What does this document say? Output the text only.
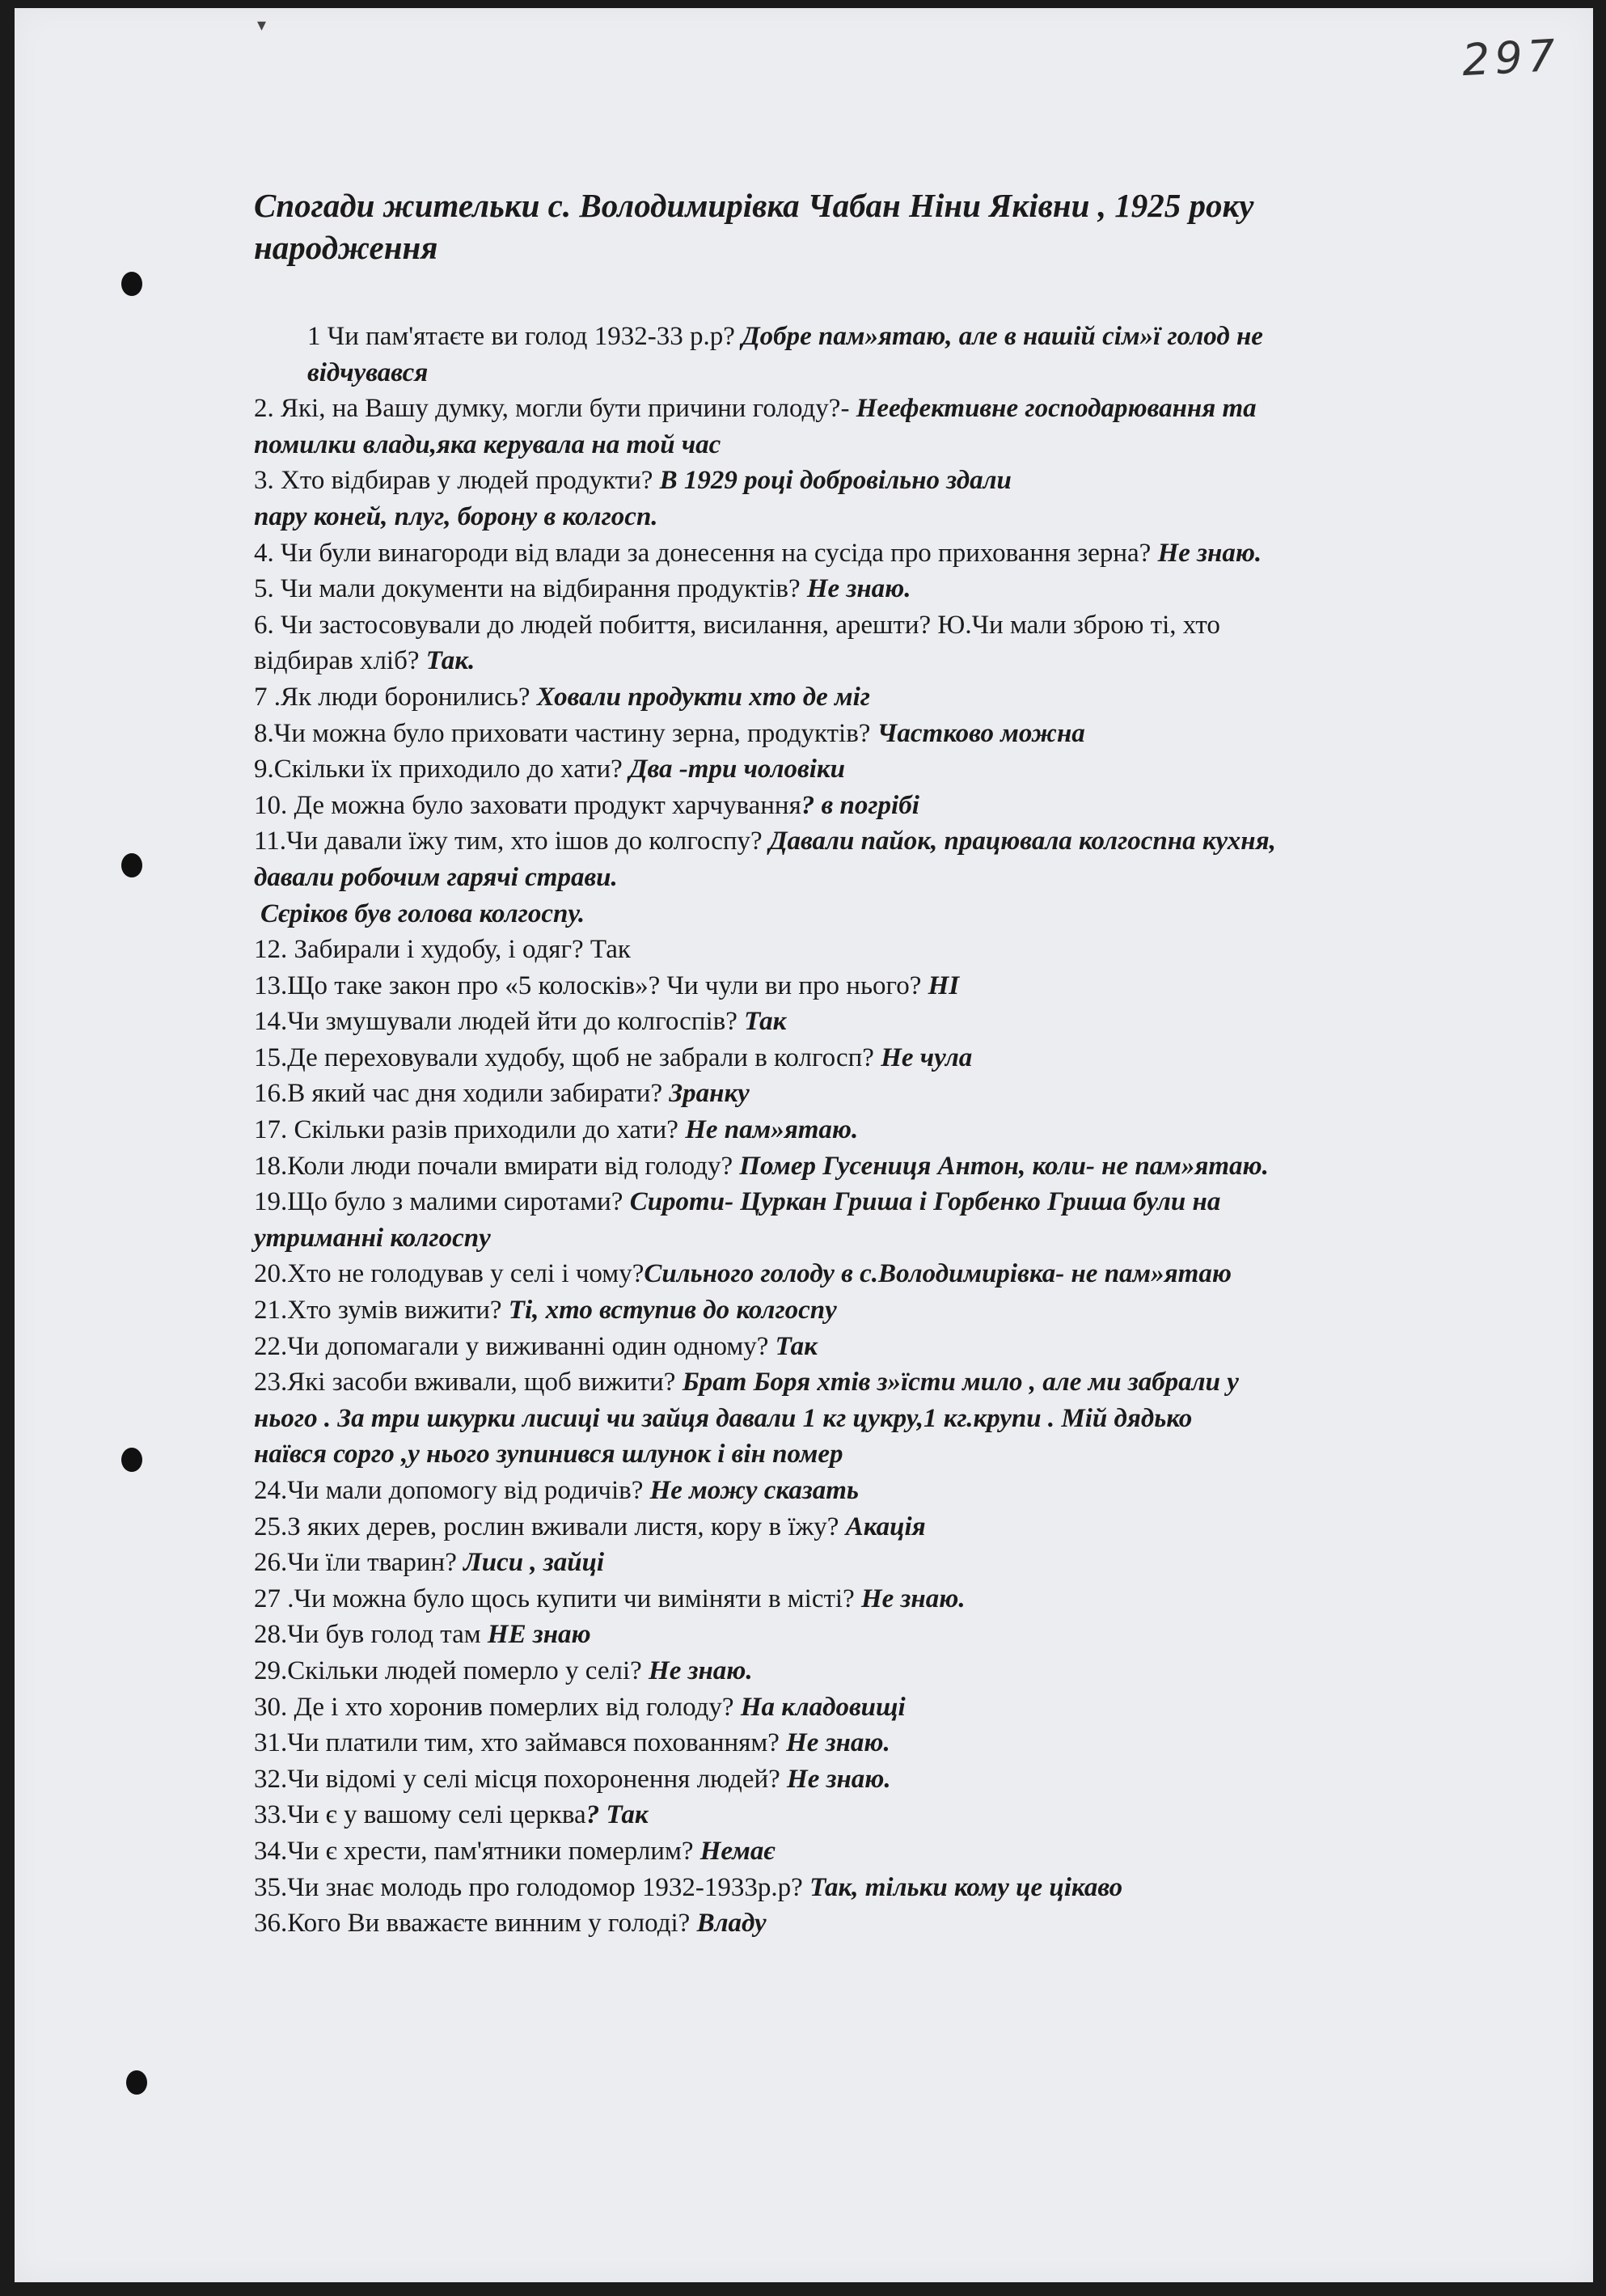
▾
297
Спогади жительки с. Володимирівка Чабан Ніни Яківни , 1925 року
народження
1 Чи пам'ятаєте ви голод 1932-33 р.р? Добре пам»ятаю, але в нашій сім»ї голод не
відчувався
2. Які, на Вашу думку, могли бути причини голоду?- Неефективне господарювання та
помилки влади,яка керувала на той час
3. Хто відбирав у людей продукти? В 1929 році добровільно здали
пару коней, плуг, борону в колгосп.
4. Чи були винагороди від влади за донесення на сусіда про приховання зерна? Не знаю.
5. Чи мали документи на відбирання продуктів? Не знаю.
6. Чи застосовували до людей побиття, висилання, арешти? Ю.Чи мали зброю ті, хто
відбирав хліб? Так.
7 .Як люди боронились? Ховали продукти хто де міг
8.Чи можна було приховати частину зерна, продуктів? Частково можна
9.Скільки їх приходило до хати? Два -три чоловіки
10. Де можна було заховати продукт харчування? в погрібі
11.Чи давали їжу тим, хто ішов до колгоспу? Давали пайок, працювала колгоспна кухня,
давали робочим гарячі страви.
Сєріков був голова колгоспу.
12. Забирали і худобу, і одяг? Так
13.Що таке закон про «5 колосків»? Чи чули ви про нього? НІ
14.Чи змушували людей йти до колгоспів? Так
15.Де переховували худобу, щоб не забрали в колгосп? Не чула
16.В який час дня ходили забирати? Зранку
17. Скільки разів приходили до хати? Не пам»ятаю.
18.Коли люди почали вмирати від голоду? Помер Гусениця Антон, коли- не пам»ятаю.
19.Що було з малими сиротами? Сироти- Цуркан Гриша і Горбенко Гриша були на
утриманні колгоспу
20.Хто не голодував у селі і чому?Сильного голоду в с.Володимирівка- не пам»ятаю
21.Хто зумів вижити? Ті, хто вступив до колгоспу
22.Чи допомагали у виживанні один одному? Так
23.Які засоби вживали, щоб вижити? Брат Боря хтів з»їсти мило , але ми забрали у
нього . За три шкурки лисиці чи зайця давали 1 кг цукру,1 кг.крупи . Мій дядько
наївся сорго ,у нього зупинився шлунок і він помер
24.Чи мали допомогу від родичів? Не можу сказать
25.З яких дерев, рослин вживали листя, кору в їжу? Акація
26.Чи їли тварин? Лиси , зайці
27 .Чи можна було щось купити чи виміняти в місті? Не знаю.
28.Чи був голод там НЕ знаю
29.Скільки людей померло у селі? Не знаю.
30. Де і хто хоронив померлих від голоду? На кладовищі
31.Чи платили тим, хто займався похованням? Не знаю.
32.Чи відомі у селі місця похоронення людей? Не знаю.
33.Чи є у вашому селі церква? Так
34.Чи є хрести, пам'ятники померлим? Немає
35.Чи знає молодь про голодомор 1932-1933р.р? Так, тільки кому це цікаво
36.Кого Ви вважаєте винним у голоді? Владу
